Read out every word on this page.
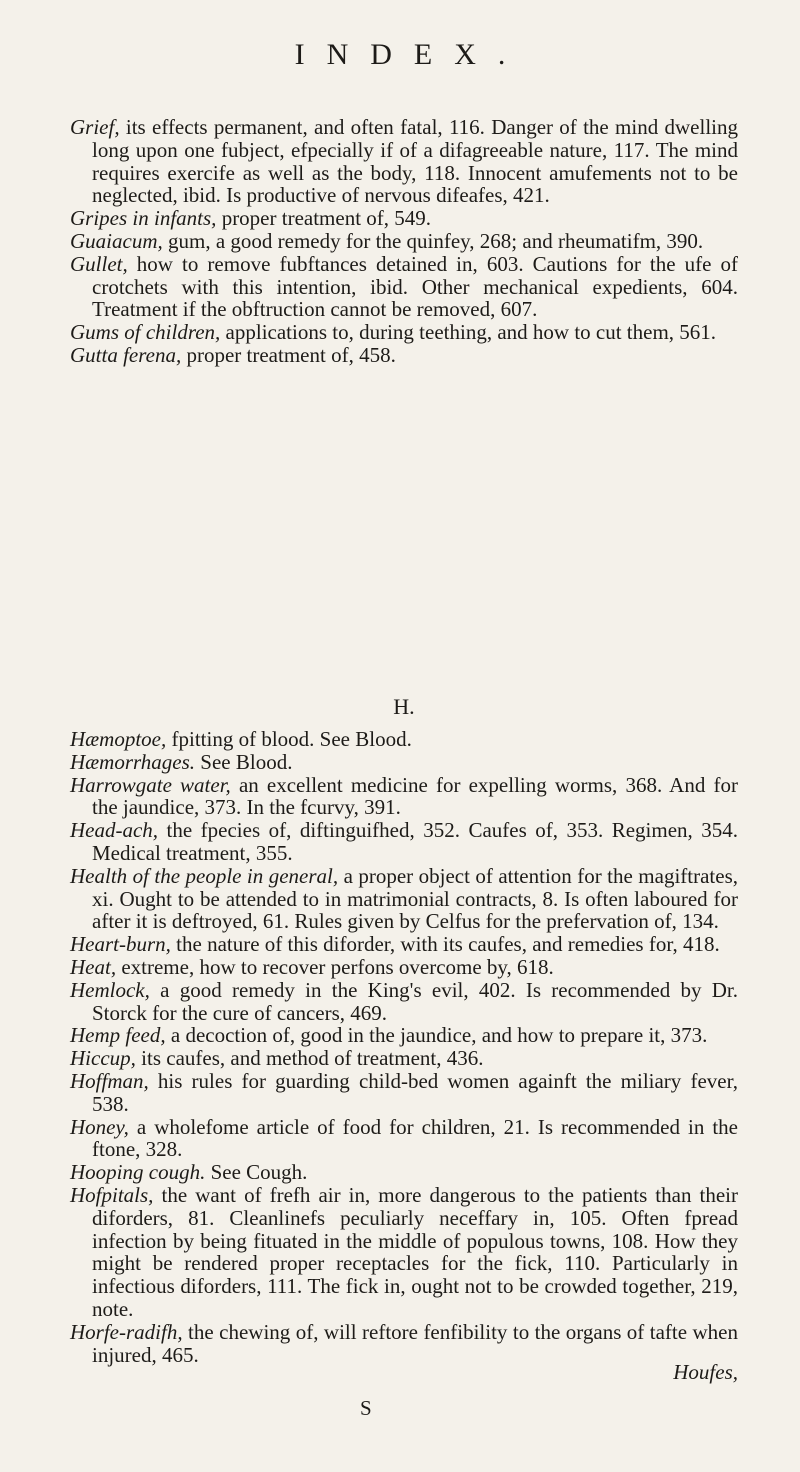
INDEX.
Grief, its effects permanent, and often fatal, 116. Danger of the mind dwelling long upon one fubject, efpecially if of a difagreeable nature, 117. The mind requires exercife as well as the body, 118. Innocent amufements not to be neglected, ibid. Is productive of nervous difeafes, 421.
Gripes in infants, proper treatment of, 549.
Guaiacum, gum, a good remedy for the quinfey, 268; and rheumatifm, 390.
Gullet, how to remove fubftances detained in, 603. Cautions for the ufe of crotchets with this intention, ibid. Other mechanical expedients, 604. Treatment if the obftruction cannot be removed, 607.
Gums of children, applications to, during teething, and how to cut them, 561.
Gutta ferena, proper treatment of, 458.
H.
Hæmoptoe, fpitting of blood. See Blood.
Hæmorrhages. See Blood.
Harrowgate water, an excellent medicine for expelling worms, 368. And for the jaundice, 373. In the fcurvy, 391.
Head-ach, the fpecies of, diftinguifhed, 352. Caufes of, 353. Regimen, 354. Medical treatment, 355.
Health of the people in general, a proper object of attention for the magiftrates, xi. Ought to be attended to in matrimonial contracts, 8. Is often laboured for after it is deftroyed, 61. Rules given by Celfus for the prefervation of, 134.
Heart-burn, the nature of this diforder, with its caufes, and remedies for, 418.
Heat, extreme, how to recover perfons overcome by, 618.
Hemlock, a good remedy in the King's evil, 402. Is recommended by Dr. Storck for the cure of cancers, 469.
Hemp feed, a decoction of, good in the jaundice, and how to prepare it, 373.
Hiccup, its caufes, and method of treatment, 436.
Hoffman, his rules for guarding child-bed women againft the miliary fever, 538.
Honey, a wholefome article of food for children, 21. Is recommended in the ftone, 328.
Hooping cough. See Cough.
Hofpitals, the want of frefh air in, more dangerous to the patients than their diforders, 81. Cleanlinefs peculiarly neceffary in, 105. Often fpread infection by being fituated in the middle of populous towns, 108. How they might be rendered proper receptacles for the fick, 110. Particularly in infectious diforders, 111. The fick in, ought not to be crowded together, 219, note.
Horfe-radifh, the chewing of, will reftore fenfibility to the organs of tafte when injured, 465.
Houfes,
S
